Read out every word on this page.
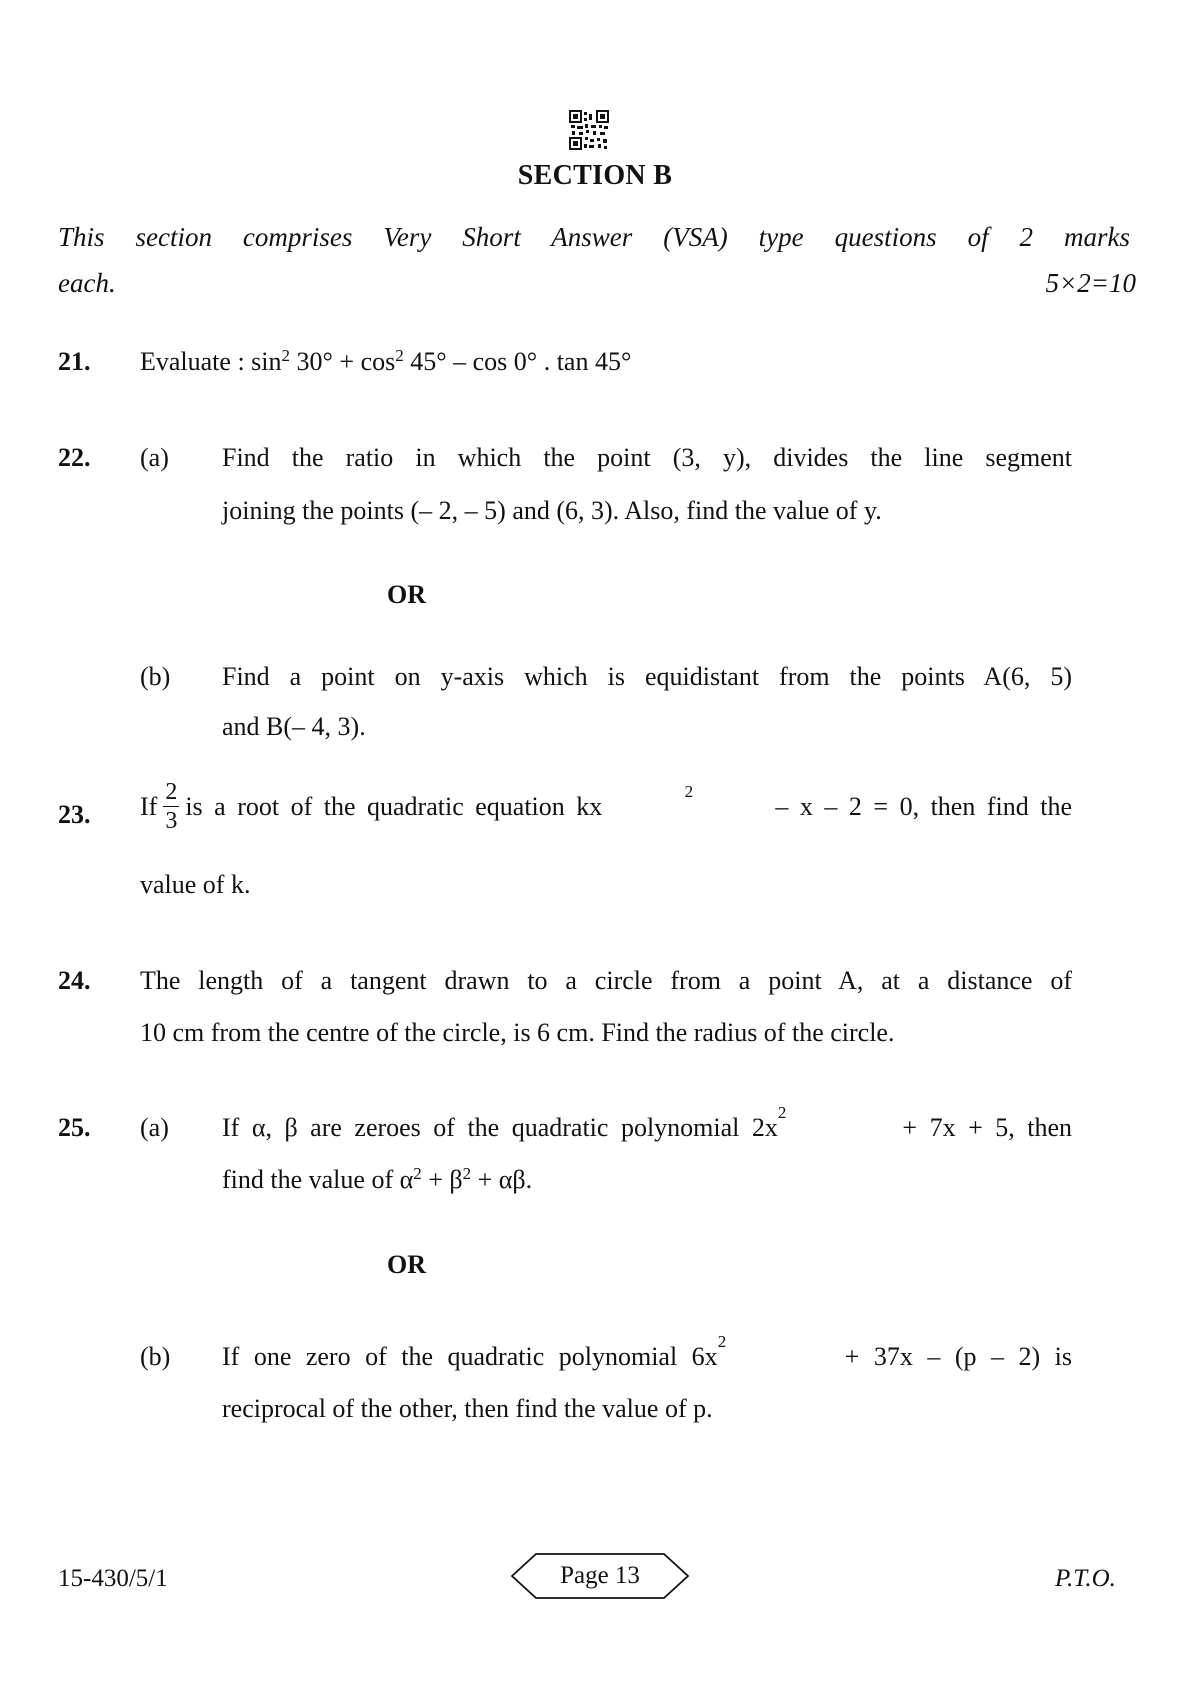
SECTION B
This section comprises Very Short Answer (VSA) type questions of 2 marks
each.	5×2=10
21. Evaluate : $\sin^2 30^\circ + \cos^2 45^\circ - \cos 0^\circ$ . tan 45°
22. (a) Find the ratio in which the point (3, y), divides the line segment
joining the points (– 2, – 5) and (6, 3). Also, find the value of y.
OR
(b) Find a point on y-axis which is equidistant from the points A(6, 5)
and B(– 4, 3).
23. If $\frac{2}{3}$ is a root of the quadratic equation kx
2
– x – 2 = 0, then find the
value of k.
24. The length of a tangent drawn to a circle from a point A, at a distance of
10 cm from the centre of the circle, is 6 cm. Find the radius of the circle.
25. (a) If α, β are zeroes of the quadratic polynomial 2x
2
+ 7x + 5, then
find the value of $\alpha^2 + \beta^2 + \alpha\beta$.
OR
(b) If one zero of the quadratic polynomial 6x
2
+ 37x – (p – 2) is
reciprocal of the other, then find the value of p.
15-430/5/1	Page 13	P.T.O.
